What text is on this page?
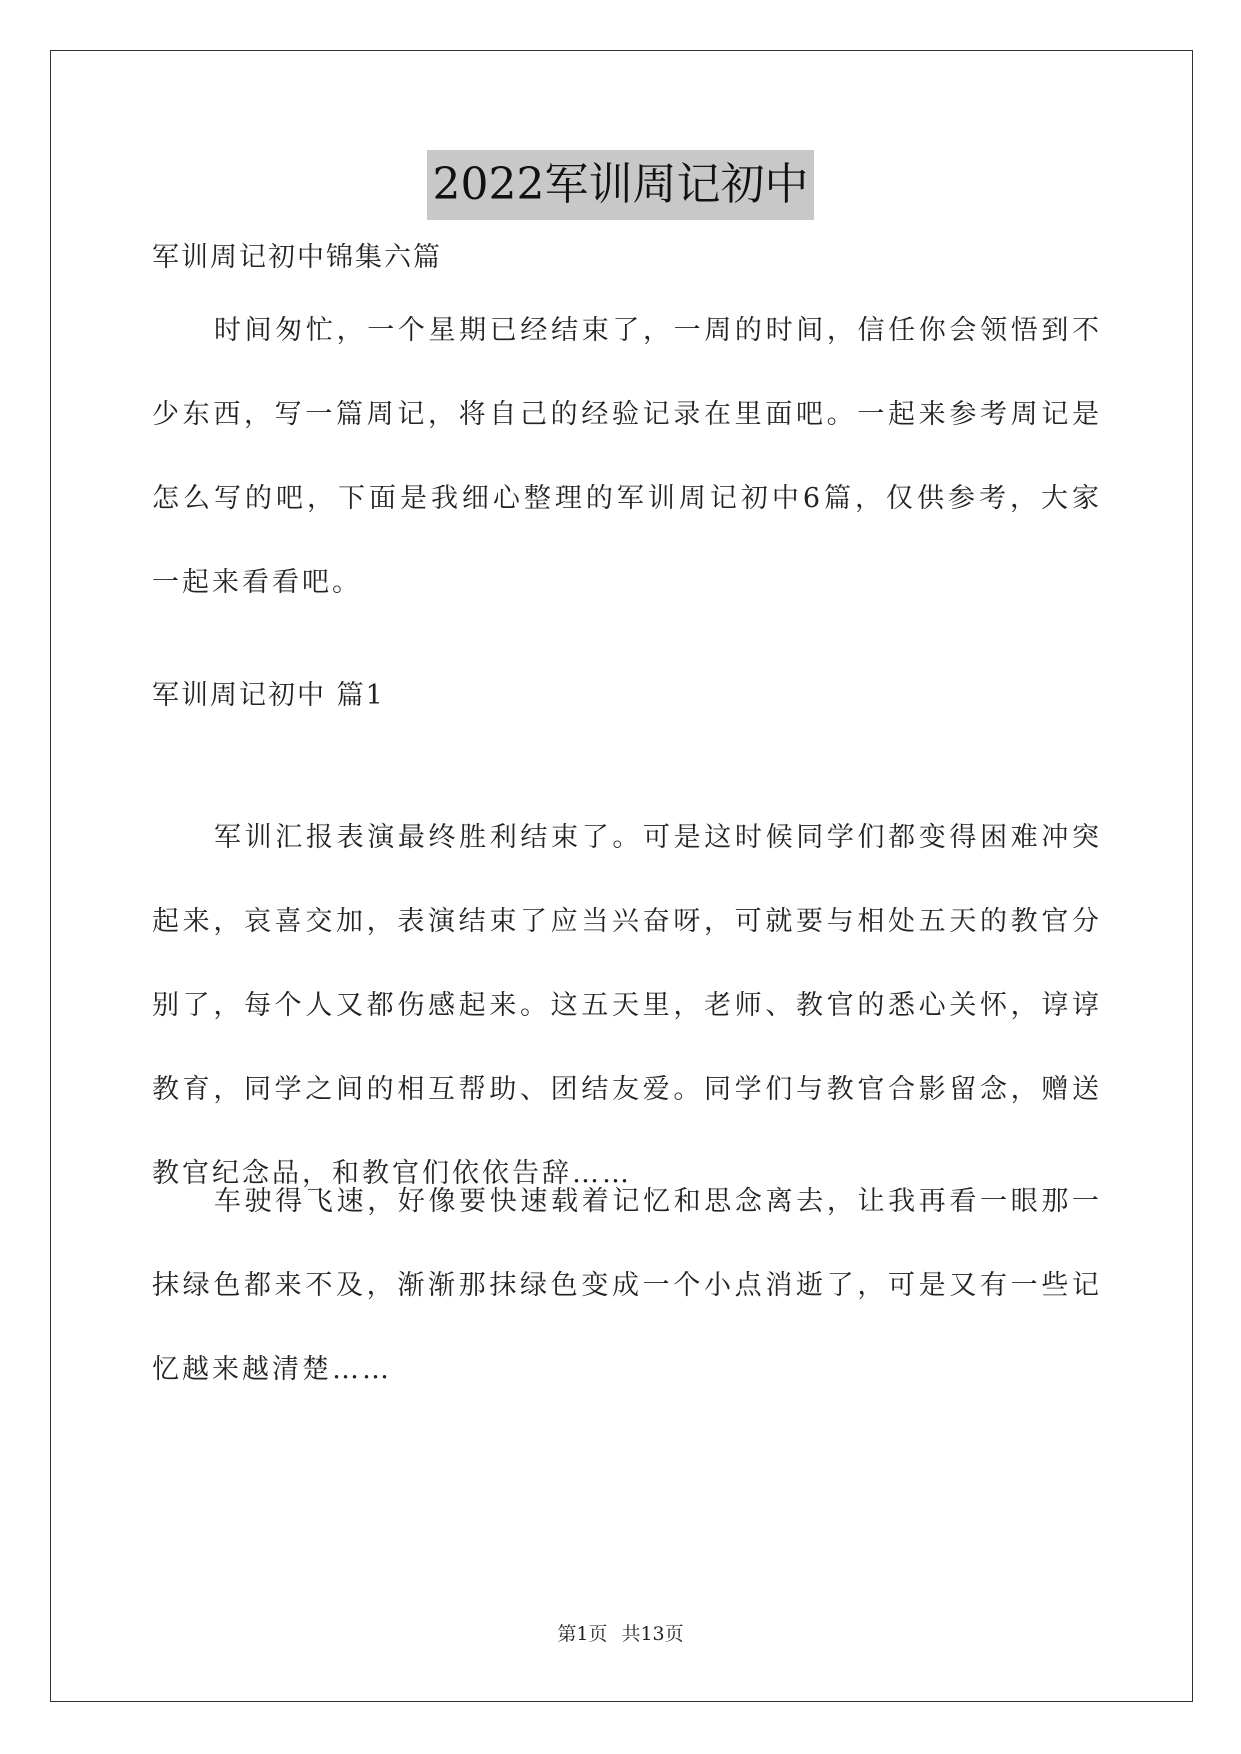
2022军训周记初中
军训周记初中锦集六篇
时间匆忙，一个星期已经结束了，一周的时间，信任你会领悟到不少东西，写一篇周记，将自己的经验记录在里面吧。一起来参考周记是怎么写的吧，下面是我细心整理的军训周记初中6篇，仅供参考，大家一起来看看吧。
军训周记初中 篇1
军训汇报表演最终胜利结束了。可是这时候同学们都变得困难冲突起来，哀喜交加，表演结束了应当兴奋呀，可就要与相处五天的教官分别了，每个人又都伤感起来。这五天里，老师、教官的悉心关怀，谆谆教育，同学之间的相互帮助、团结友爱。同学们与教官合影留念，赠送教官纪念品，和教官们依依告辞……
车驶得飞速，好像要快速载着记忆和思念离去，让我再看一眼那一抹绿色都来不及，渐渐那抹绿色变成一个小点消逝了，可是又有一些记忆越来越清楚……
第1页 共13页
